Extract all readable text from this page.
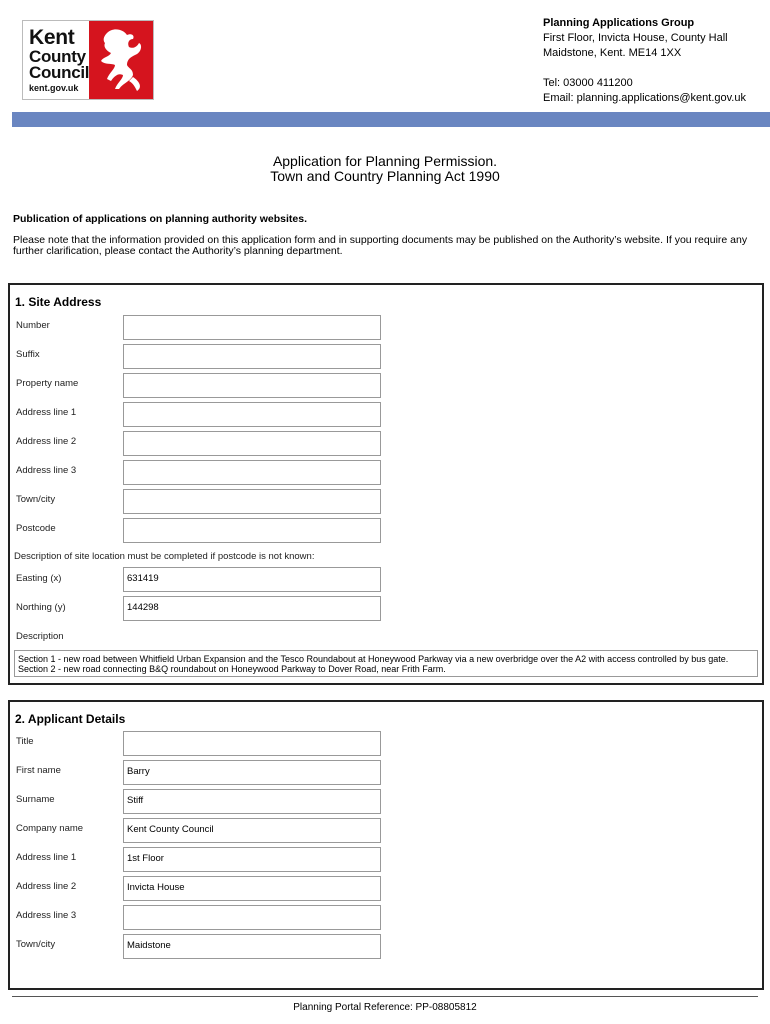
Kent
County
Council
kent.gov.uk
Planning Applications Group
First Floor, Invicta House, County Hall
Maidstone, Kent. ME14 1XX
Tel: 03000 411200
Email: planning.applications@kent.gov.uk
Application for Planning Permission.
Town and Country Planning Act 1990
Publication of applications on planning authority websites.
Please note that the information provided on this application form and in supporting documents may be published on the Authority’s website. If you require any further clarification, please contact the Authority’s planning department.
1. Site Address
Number
Suffix
Property name
Address line 1
Address line 2
Address line 3
Town/city
Postcode
Description of site location must be completed if postcode is not known:
Easting (x)	631419
Northing (y)	144298
Description
Section 1 - new road between Whitfield Urban Expansion and the Tesco Roundabout at Honeywood Parkway via a new overbridge over the A2 with access controlled by bus gate. Section 2 - new road connecting B&Q roundabout on Honeywood Parkway to Dover Road, near Frith Farm.
2. Applicant Details
Title
First name	Barry
Surname	Stiff
Company name	Kent County Council
Address line 1	1st Floor
Address line 2	Invicta House
Address line 3
Town/city	Maidstone
Planning Portal Reference: PP-08805812
